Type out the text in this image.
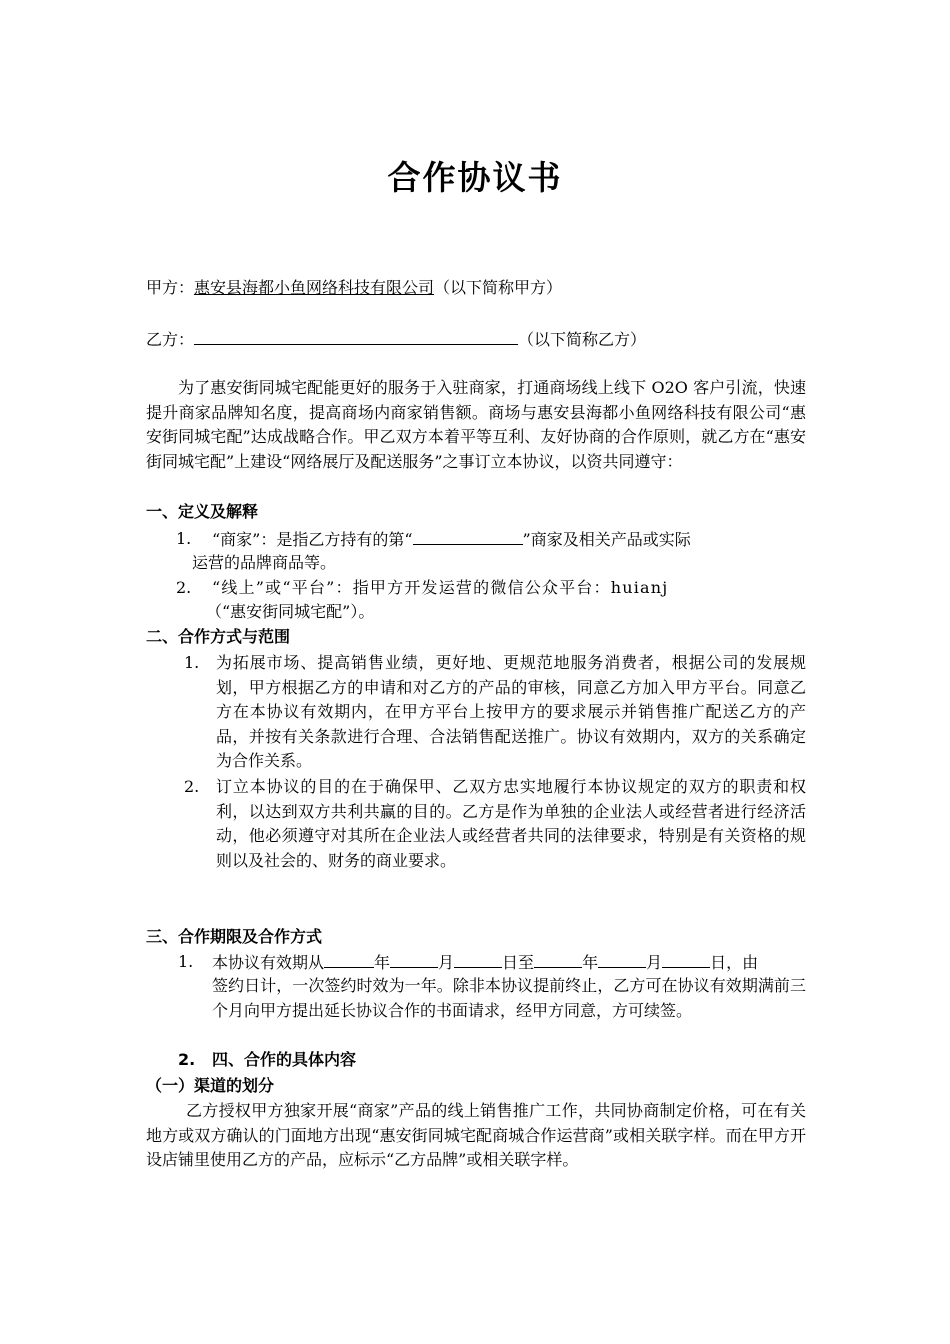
合作协议书
甲方：惠安县海都小鱼网络科技有限公司（以下简称甲方）
乙方：	（以下简称乙方）
为了惠安街同城宅配能更好的服务于入驻商家，打通商场线上线下 O2O 客户引流，快速提升商家品牌知名度，提高商场内商家销售额。商场与惠安县海都小鱼网络科技有限公司“惠安街同城宅配”达成战略合作。甲乙双方本着平等互利、友好协商的合作原则，就乙方在“惠安街同城宅配”上建设“网络展厅及配送服务”之事订立本协议，以资共同遵守：
一、定义及解释
1. “商家”：是指乙方持有的第“	”商家及相关产品或实际
运营的品牌商品等。
2. “线上”或“平台”：指甲方开发运营的微信公众平台：huianj
（“惠安街同城宅配”）。
二、合作方式与范围
1. 为拓展市场、提高销售业绩，更好地、更规范地服务消费者，根据公司的发展规划，甲方根据乙方的申请和对乙方的产品的审核，同意乙方加入甲方平台。同意乙方在本协议有效期内，在甲方平台上按甲方的要求展示并销售推广配送乙方的产品，并按有关条款进行合理、合法销售配送推广。协议有效期内，双方的关系确定为合作关系。
2. 订立本协议的目的在于确保甲、乙双方忠实地履行本协议规定的双方的职责和权利，以达到双方共利共赢的目的。乙方是作为单独的企业法人或经营者进行经济活动，他必须遵守对其所在企业法人或经营者共同的法律要求，特别是有关资格的规则以及社会的、财务的商业要求。
三、合作期限及合作方式
1. 本协议有效期从	年	月	日至	年	月	日，由
签约日计，一次签约时效为一年。除非本协议提前终止，乙方可在协议有效期满前三个月向甲方提出延长协议合作的书面请求，经甲方同意，方可续签。
2. 四、合作的具体内容
（一）渠道的划分
乙方授权甲方独家开展“商家”产品的线上销售推广工作，共同协商制定价格，可在有关地方或双方确认的门面地方出现“惠安街同城宅配商城合作运营商”或相关联字样。而在甲方开设店铺里使用乙方的产品，应标示“乙方品牌”或相关联字样。
